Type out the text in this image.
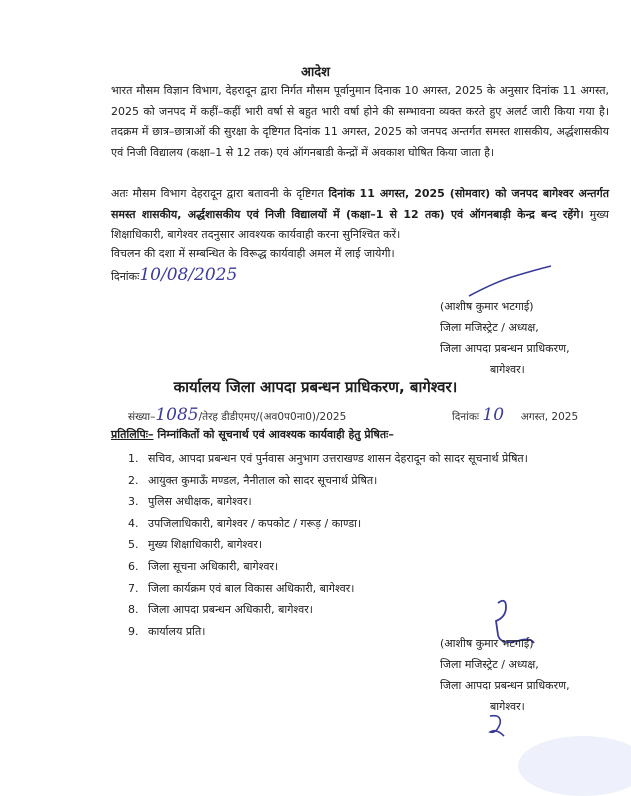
आदेश

भारत मौसम विज्ञान विभाग, देहरादून द्वारा निर्गत मौसम पूर्वानुमान दिनाक 10 अगस्त, 2025 के अनुसार दिनांक 11 अगस्त, 2025 को जनपद में कहीं–कहीं भारी वर्षा से बहुत भारी वर्षा होने की सम्भावना व्यक्त करते हुए अलर्ट जारी किया गया है। तदक्रम में छात्र–छात्राओं की सुरक्षा के दृष्टिगत दिनांक 11 अगस्त, 2025 को जनपद अन्तर्गत समस्त शासकीय, अर्द्धशासकीय एवं निजी विद्यालय (कक्षा–1 से 12 तक) एवं ऑगनबाडी केन्द्रों में अवकाश घोषित किया जाता है।

अतः मौसम विभाग देहरादून द्वारा बतावनी के दृष्टिगत दिनांक 11 अगस्त, 2025 (सोमवार) को जनपद बागेश्वर अन्तर्गत समस्त शासकीय, अर्द्धशासकीय एवं निजी विद्यालयों में (कक्षा–1 से 12 तक) एवं ऑगनबाड़ी केन्द्र बन्द रहेंगे। मुख्य शिक्षाधिकारी, बागेश्वर तदनुसार आवश्यक कार्यवाही करना सुनिश्चित करें।

विचलन की दशा में सम्बन्धित के विरूद्ध कार्यवाही अमल में लाई जायेगी।

दिनांकः10/08/2025
(आशीष कुमार भटगाई)
जिला मजिस्ट्रेट / अध्यक्ष,
जिला आपदा प्रबन्धन प्राधिकरण,
बागेश्वर।
कार्यालय जिला आपदा प्रबन्धन प्राधिकरण, बागेश्वर।
संख्या–1085/तेरह डीडीएमए/(अव0प0ना0)/2025	दिनांकः 10 अगस्त, 2025
प्रतिलिपिः– निम्नांकितों को सूचनार्थ एवं आवश्यक कार्यवाही हेतु प्रेषितः–
1. सचिव, आपदा प्रबन्धन एवं पुर्नवास अनुभाग उत्तराखण्ड शासन देहरादून को सादर सूचनार्थ प्रेषित।
2. आयुक्त कुमाऊँ मण्डल, नैनीताल को सादर सूचनार्थ प्रेषित।
3. पुलिस अधीक्षक, बागेश्वर।
4. उपजिलाधिकारी, बागेश्वर / कपकोट / गरूड़ / काण्डा।
5. मुख्य शिक्षाधिकारी, बागेश्वर।
6. जिला सूचना अधिकारी, बागेश्वर।
7. जिला कार्यक्रम एवं बाल विकास अधिकारी, बागेश्वर।
8. जिला आपदा प्रबन्धन अधिकारी, बागेश्वर।
9. कार्यालय प्रति।
(आशीष कुमार भटगाई)
जिला मजिस्ट्रेट / अध्यक्ष,
जिला आपदा प्रबन्धन प्राधिकरण,
बागेश्वर।
